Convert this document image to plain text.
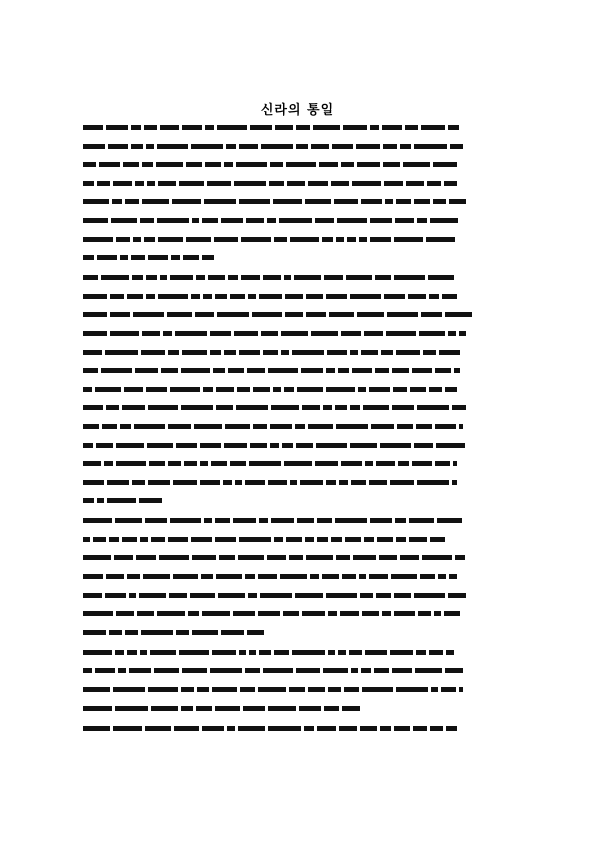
신라의 통일
